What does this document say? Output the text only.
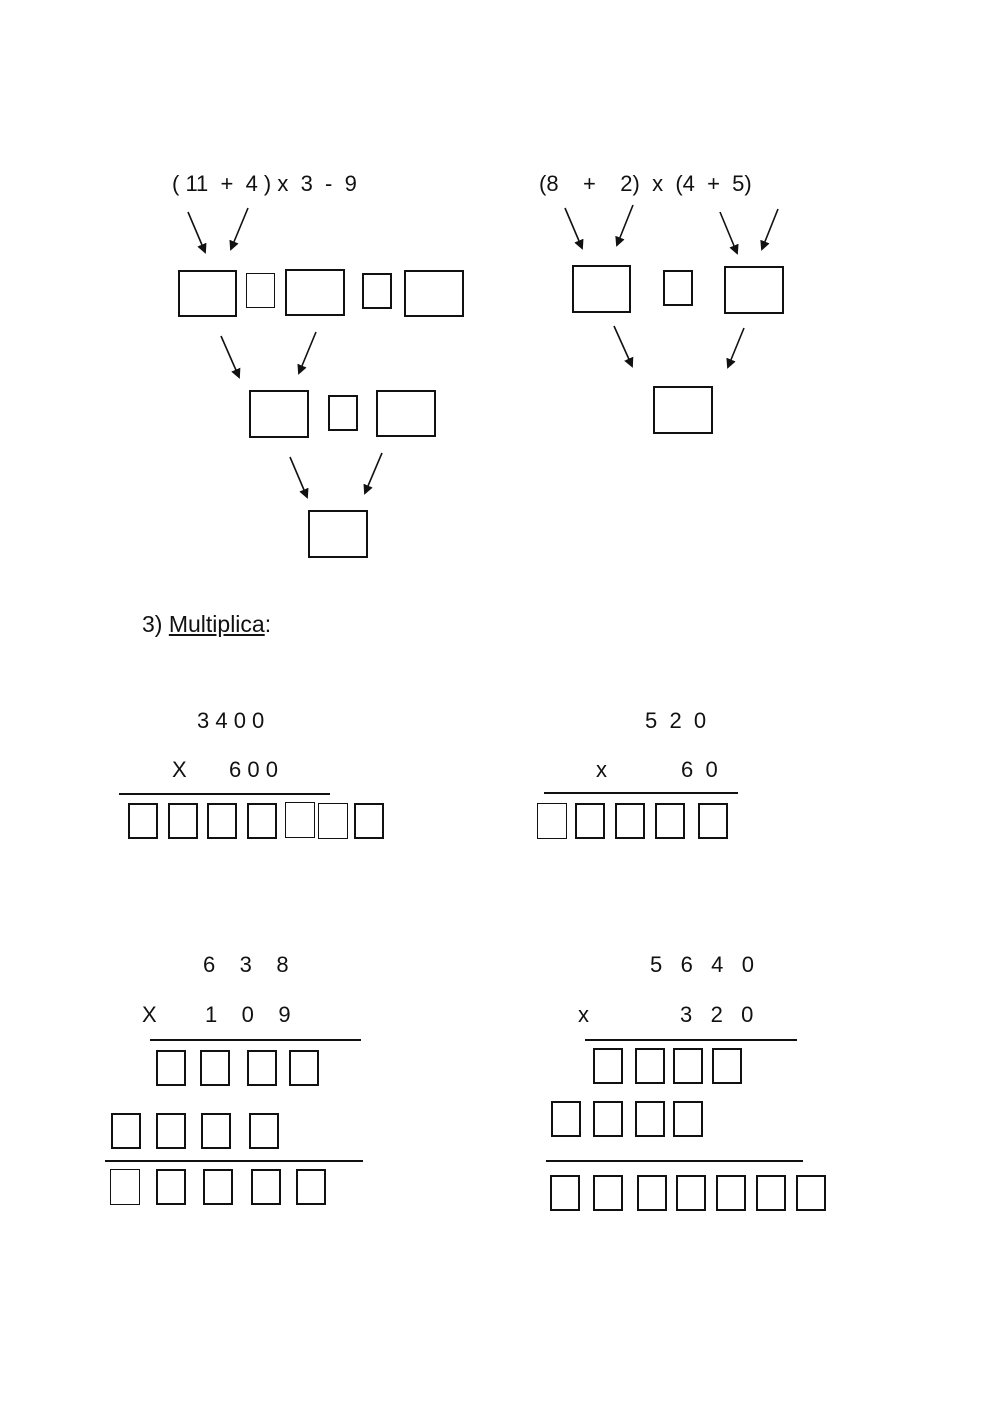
( 11  +  4 ) x  3  -  9	(8    +    2)  x  (4  +  5)
3) Multiplica:
3 4 0 0
X 6 0 0
5  2  0
x	6  0
6    3    8
X 1    0    9
5   6   4   0
x	3   2   0
